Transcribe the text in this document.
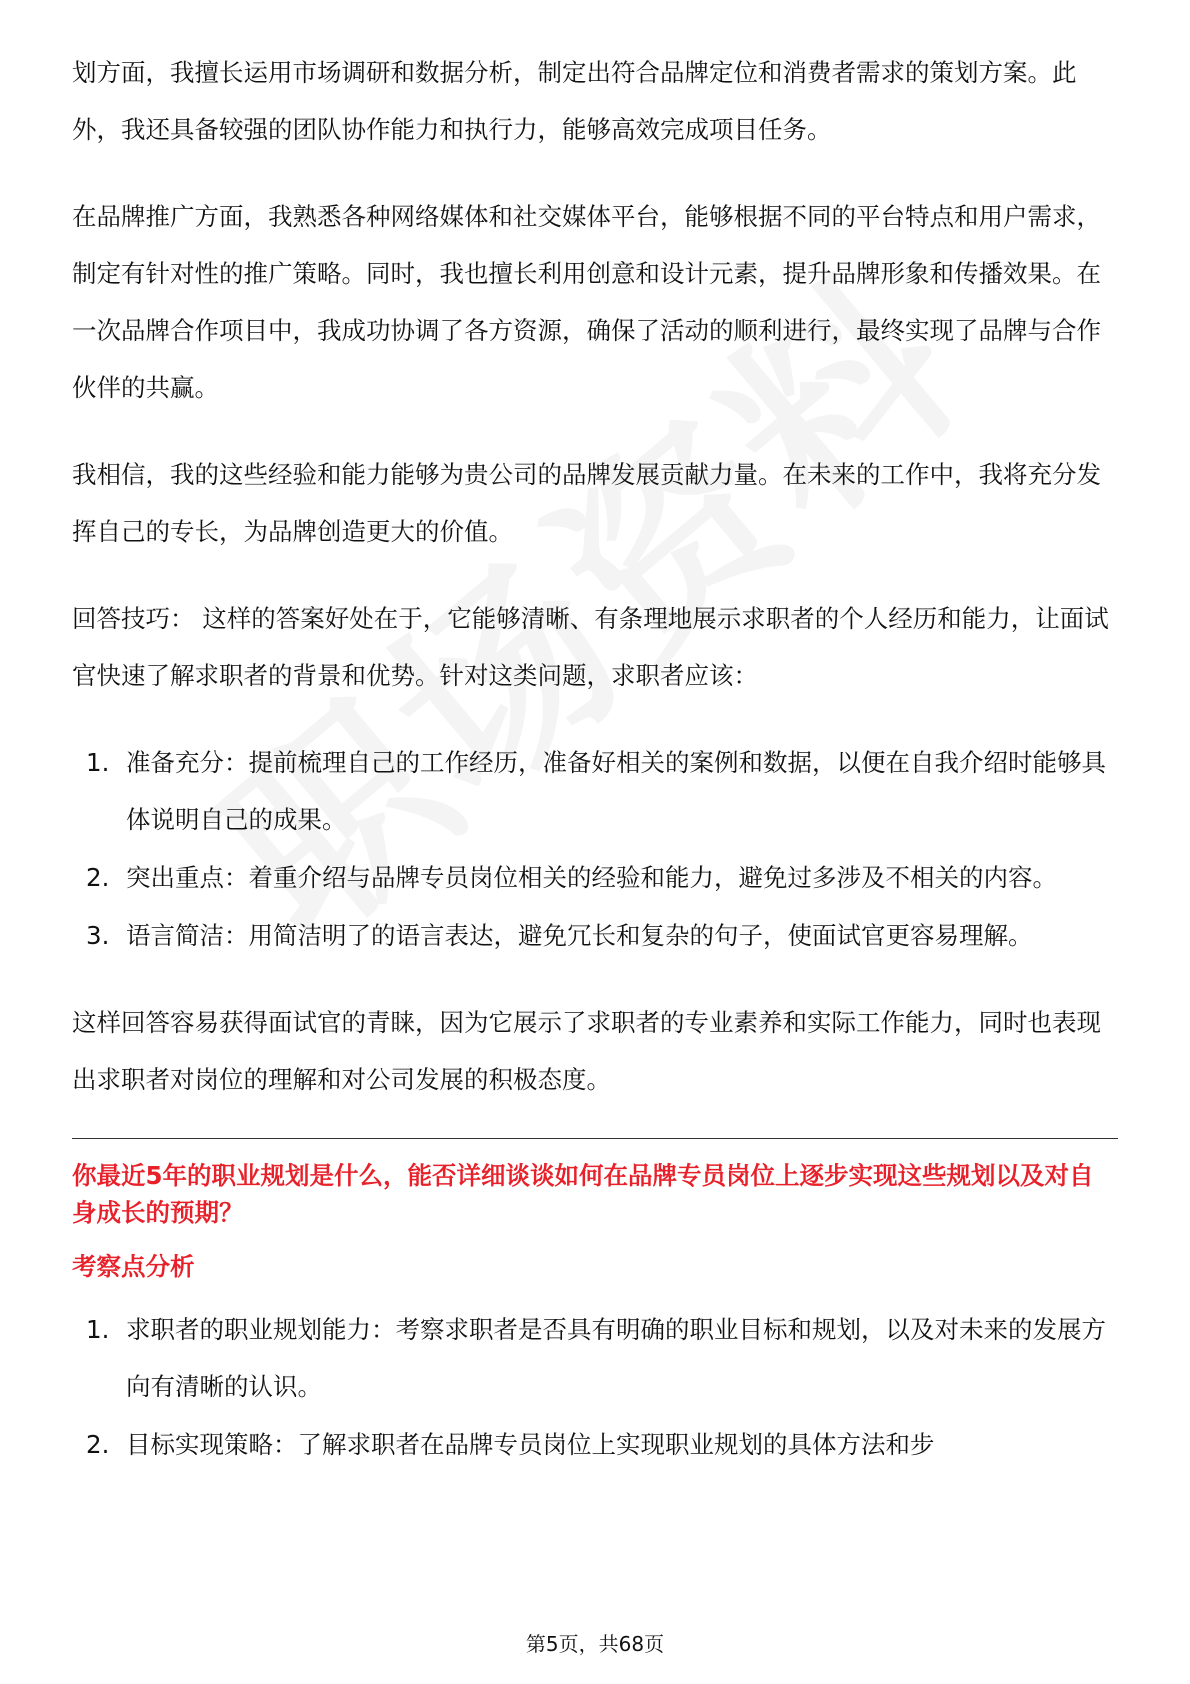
划方面，我擅长运用市场调研和数据分析，制定出符合品牌定位和消费者需求的策划方案。此外，我还具备较强的团队协作能力和执行力，能够高效完成项目任务。

在品牌推广方面，我熟悉各种网络媒体和社交媒体平台，能够根据不同的平台特点和用户需求，制定有针对性的推广策略。同时，我也擅长利用创意和设计元素，提升品牌形象和传播效果。在一次品牌合作项目中，我成功协调了各方资源，确保了活动的顺利进行，最终实现了品牌与合作伙伴的共赢。

我相信，我的这些经验和能力能够为贵公司的品牌发展贡献力量。在未来的工作中，我将充分发挥自己的专长，为品牌创造更大的价值。

回答技巧： 这样的答案好处在于，它能够清晰、有条理地展示求职者的个人经历和能力，让面试官快速了解求职者的背景和优势。针对这类问题，求职者应该：

1. 准备充分：提前梳理自己的工作经历，准备好相关的案例和数据，以便在自我介绍时能够具体说明自己的成果。
2. 突出重点：着重介绍与品牌专员岗位相关的经验和能力，避免过多涉及不相关的内容。
3. 语言简洁：用简洁明了的语言表达，避免冗长和复杂的句子，使面试官更容易理解。

这样回答容易获得面试官的青睐，因为它展示了求职者的专业素养和实际工作能力，同时也表现出求职者对岗位的理解和对公司发展的积极态度。

你最近5年的职业规划是什么，能否详细谈谈如何在品牌专员岗位上逐步实现这些规划以及对自身成长的预期？
考察点分析
1. 求职者的职业规划能力：考察求职者是否具有明确的职业目标和规划，以及对未来的发展方向有清晰的认识。
2. 目标实现策略：了解求职者在品牌专员岗位上实现职业规划的具体方法和步
第5页，共68页
